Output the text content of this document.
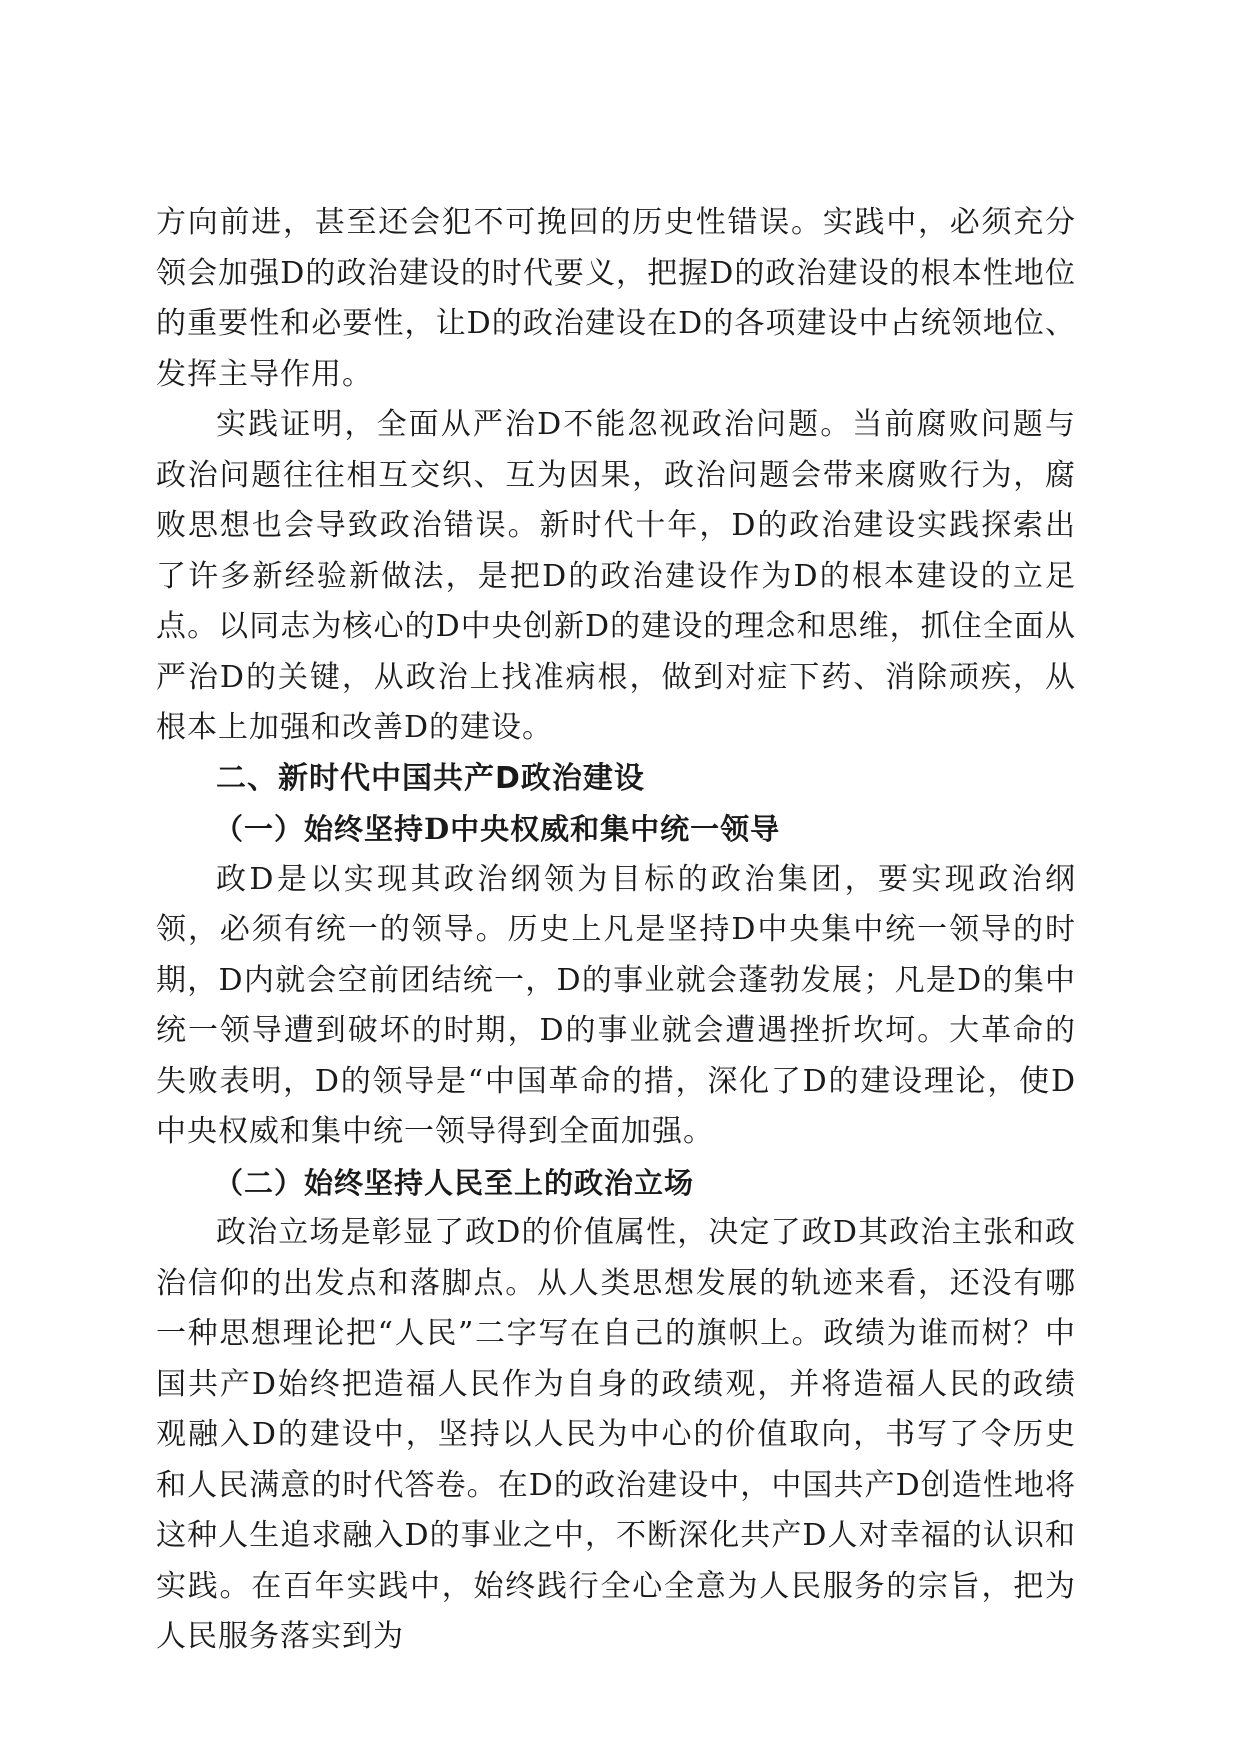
方向前进，甚至还会犯不可挽回的历史性错误。实践中，必须充分领会加强D的政治建设的时代要义，把握D的政治建设的根本性地位的重要性和必要性，让D的政治建设在D的各项建设中占统领地位、发挥主导作用。

实践证明，全面从严治D不能忽视政治问题。当前腐败问题与政治问题往往相互交织、互为因果，政治问题会带来腐败行为，腐败思想也会导致政治错误。新时代十年，D的政治建设实践探索出了许多新经验新做法，是把D的政治建设作为D的根本建设的立足点。以同志为核心的D中央创新D的建设的理念和思维，抓住全面从严治D的关键，从政治上找准病根，做到对症下药、消除顽疾，从根本上加强和改善D的建设。

二、新时代中国共产D政治建设

（一）始终坚持D中央权威和集中统一领导

政D是以实现其政治纲领为目标的政治集团，要实现政治纲领，必须有统一的领导。历史上凡是坚持D中央集中统一领导的时期，D内就会空前团结统一，D的事业就会蓬勃发展；凡是D的集中统一领导遭到破坏的时期，D的事业就会遭遇挫折坎坷。大革命的失败表明，D的领导是“中国革命的措，深化了D的建设理论，使D中央权威和集中统一领导得到全面加强。

（二）始终坚持人民至上的政治立场

政治立场是彰显了政D的价值属性，决定了政D其政治主张和政治信仰的出发点和落脚点。从人类思想发展的轨迹来看，还没有哪一种思想理论把“人民”二字写在自己的旗帜上。政绩为谁而树？中国共产D始终把造福人民作为自身的政绩观，并将造福人民的政绩观融入D的建设中，坚持以人民为中心的价值取向，书写了令历史和人民满意的时代答卷。在D的政治建设中，中国共产D创造性地将这种人生追求融入D的事业之中，不断深化共产D人对幸福的认识和实践。在百年实践中，始终践行全心全意为人民服务的宗旨，把为人民服务落实到为
